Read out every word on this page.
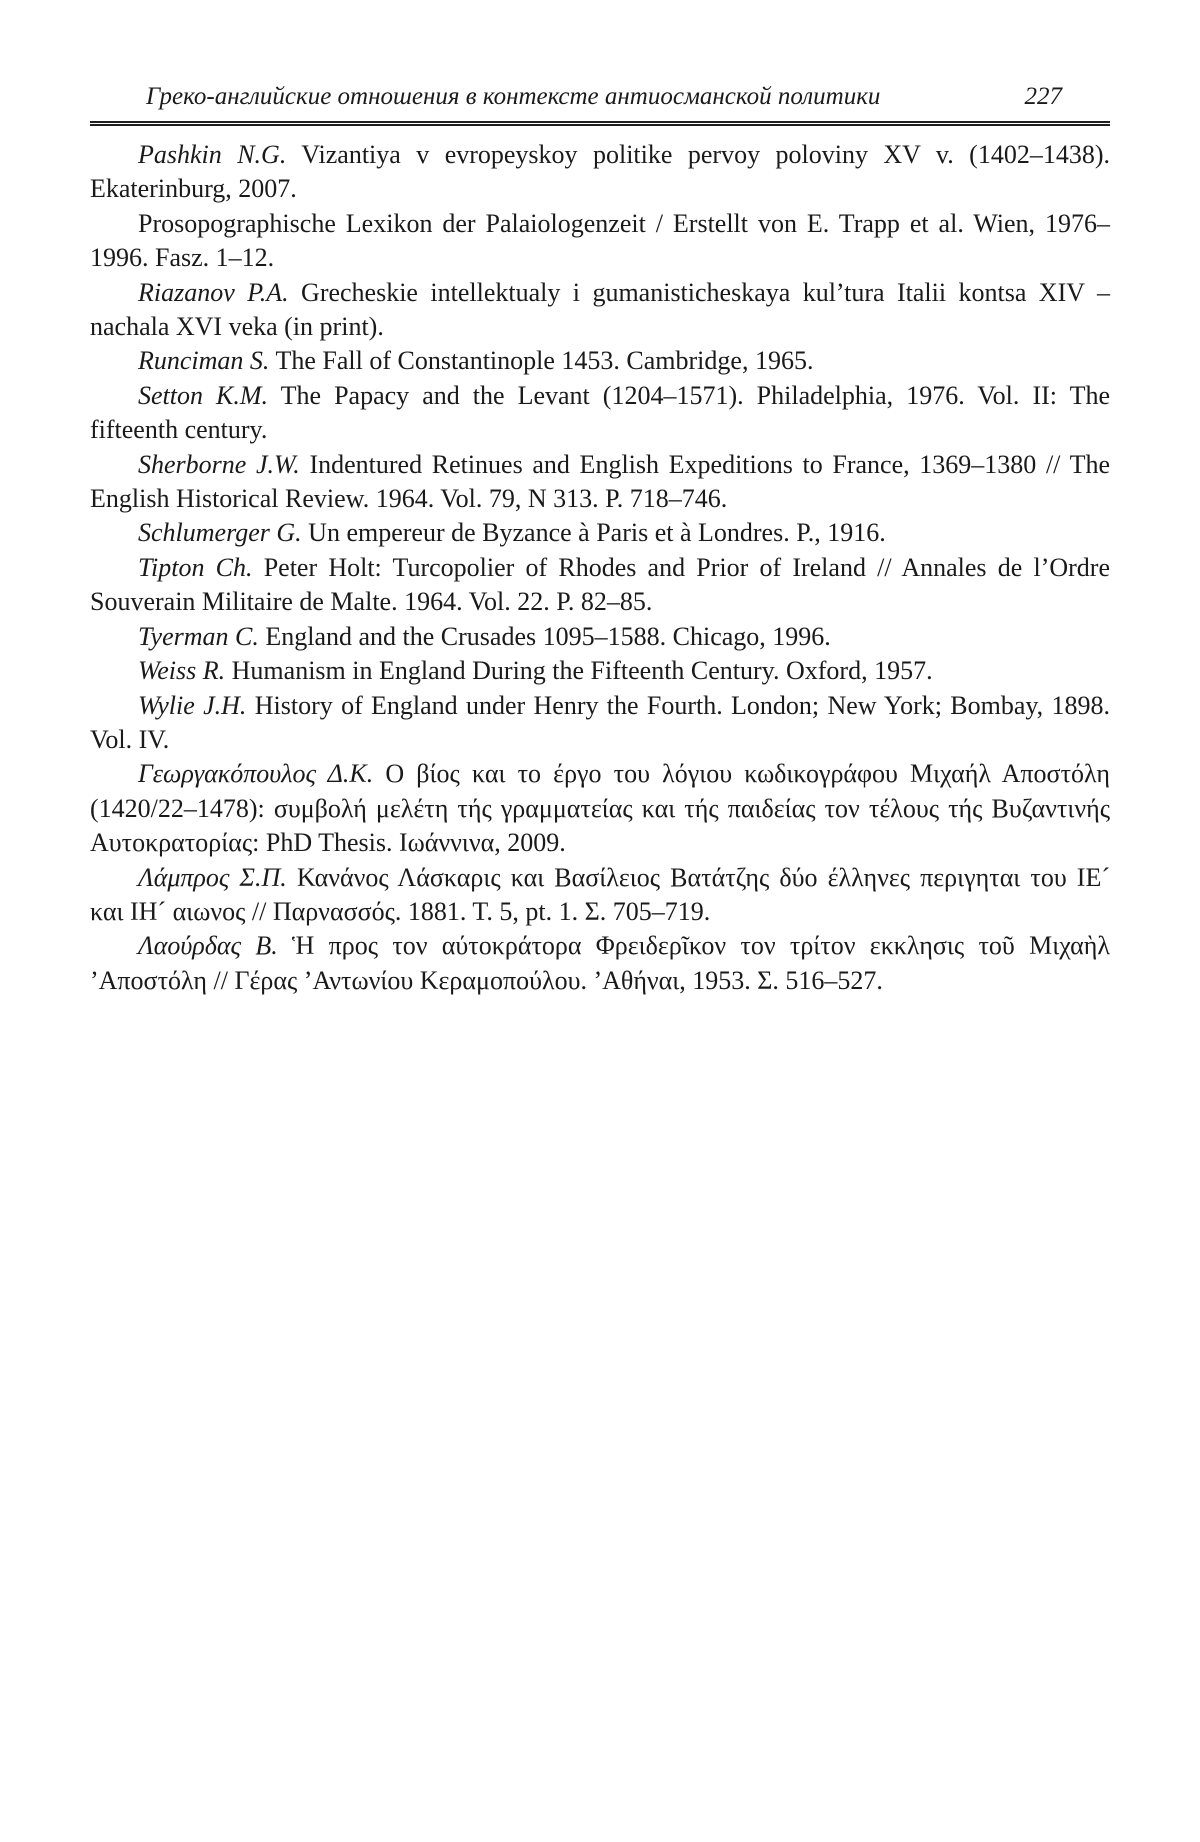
Греко-английские отношения в контексте антиосманской политики	227

Pashkin N.G. Vizantiya v evropeyskoy politike pervoy poloviny XV v. (1402–1438). Ekaterinburg, 2007.

Prosopographische Lexikon der Palaiologenzeit / Erstellt von E. Trapp et al. Wien, 1976–1996. Fasz. 1–12.

Riazanov P.A. Grecheskie intellektualy i gumanisticheskaya kul’tura Italii kontsa XIV – nachala XVI veka (in print).

Runciman S. The Fall of Constantinople 1453. Cambridge, 1965.

Setton K.M. The Papacy and the Levant (1204–1571). Philadelphia, 1976. Vol. II: The fifteenth century.

Sherborne J.W. Indentured Retinues and English Expeditions to France, 1369–1380 // The English Historical Review. 1964. Vol. 79, N 313. P. 718–746.

Schlumerger G. Un empereur de Byzance à Paris et à Londres. P., 1916.

Tipton Ch. Peter Holt: Turcopolier of Rhodes and Prior of Ireland // Annales de l’Ordre Souverain Militaire de Malte. 1964. Vol. 22. P. 82–85.

Tyerman C. England and the Crusades 1095–1588. Chicago, 1996.

Weiss R. Humanism in England During the Fifteenth Century. Oxford, 1957.

Wylie J.H. History of England under Henry the Fourth. London; New York; Bombay, 1898. Vol. IV.

Γεωργακόπουλος Δ.Κ. Ο βίος και το έργο του λόγιου κωδικογράφου Μιχαήλ Αποστόλη (1420/22–1478): συμβολή μελέτη τής γραμματείας και τής παιδείας τον τέλους τής Βυζαντινής Αυτοκρατορίας: PhD Thesis. Ιωάννινα, 2009.

Λάμπρος Σ.Π. Κανάνος Λάσκαρις και Βασίλειος Βατάτζης δύο έλληνες περιγηται του ΙΕ´ και ΙΗ´ αιωνος // Παρνασσός. 1881. Τ. 5, pt. 1. Σ. 705–719.

Λαούρδας Β. Ἡ προς τον αύτοκράτορα Φρειδερῖκον τον τρίτον εκκλησις τοῦ Μιχαὴλ ’Αποστόλη // Γέρας ’Αντωνίου Κεραμοπούλου. ’Αθήναι, 1953. Σ. 516–527.
